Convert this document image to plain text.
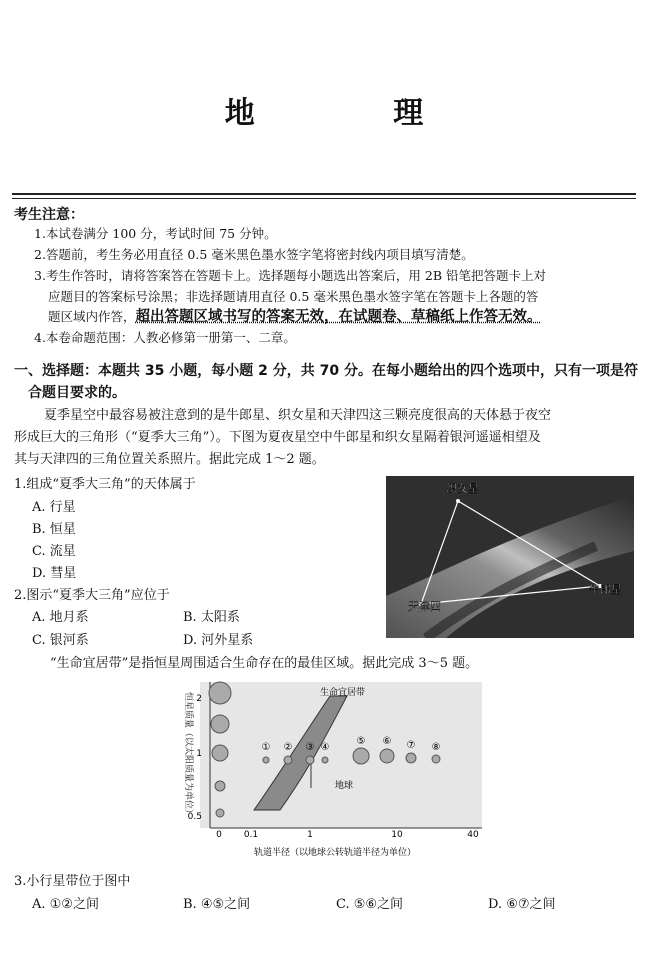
地 理
考生注意：
1.本试卷满分 100 分，考试时间 75 分钟。
2.答题前，考生务必用直径 0.5 毫米黑色墨水签字笔将密封线内项目填写清楚。
3.考生作答时，请将答案答在答题卡上。选择题每小题选出答案后，用 2B 铅笔把答题卡上对
应题目的答案标号涂黑；非选择题请用直径 0.5 毫米黑色墨水签字笔在答题卡上各题的答
题区域内作答，超出答题区域书写的答案无效，在试题卷、草稿纸上作答无效。
4.本卷命题范围：人教必修第一册第一、二章。
一、选择题：本题共 35 小题，每小题 2 分，共 70 分。在每小题给出的四个选项中，只有一项是符
合题目要求的。
夏季星空中最容易被注意到的是牛郎星、织女星和天津四这三颗亮度很高的天体悬于夜空
形成巨大的三角形（“夏季大三角”）。下图为夏夜星空中牛郎星和织女星隔着银河遥遥相望及
其与天津四的三角位置关系照片。据此完成 1～2 题。
1.组成“夏季大三角”的天体属于
A. 行星
B. 恒星
C. 流星
D. 彗星
2.图示“夏季大三角”应位于
A. 地月系	B. 太阳系
C. 银河系	D. 河外星系
织女星
天津四
牛郎星
“生命宜居带”是指恒星周围适合生命存在的最佳区域。据此完成 3～5 题。
恒星质量（以太阳质量为单位） 2
1
0.5
0 0.1	1	10	40
轨道半径（以地球公转轨道半径为单位）
生命宜居带
地球
① ② ③ ④
⑤ ⑥ ⑦ ⑧
3.小行星带位于图中
A. ①②之间	B. ④⑤之间	C. ⑤⑥之间	D. ⑥⑦之间
